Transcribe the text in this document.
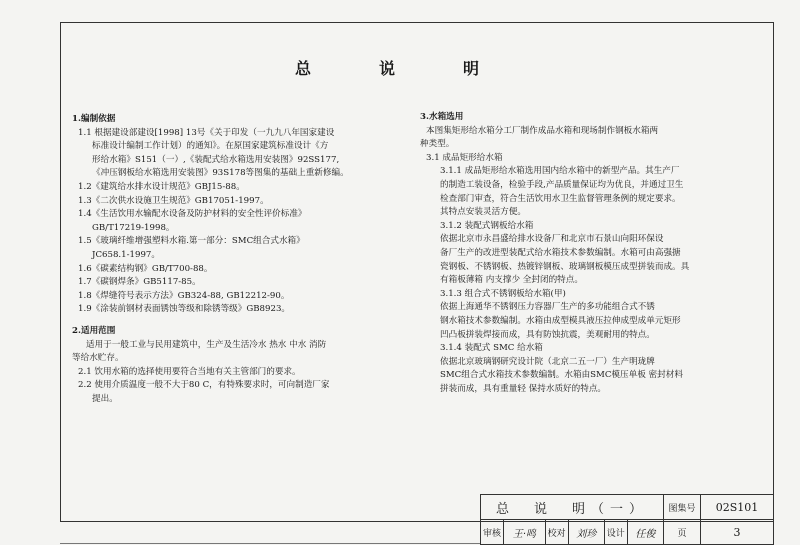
总　说　明

1.编制依据

1.1 根据建设部建设[1998] 13号《关于印发（一九九八年国家建设

标准设计编制工作计划）的通知》。在原国家建筑标准设计《方

形给水箱》S151（一）,《装配式给水箱选用安装图》92SS177,

《冲压钢板给水箱选用安装图》93S178等图集的基础上重新修编。

1.2《建筑给水排水设计规范》GBJ15-88。

1.3《二次供水设施卫生规范》GB17051-1997。

1.4《生活饮用水输配水设备及防护材料的安全性评价标准》

GB/T17219-1998。

1.5《玻璃纤维增强塑料水箱.第一部分：SMC组合式水箱》

JC658.1-1997。

1.6《碳素结构钢》GB/T700-88。

1.7《碳钢焊条》GB5117-85。

1.8《焊缝符号表示方法》GB324-88, GB12212-90。

1.9《涂装前钢材表面锈蚀等级和除锈等级》GB8923。

2.适用范围

适用于一般工业与民用建筑中，生产及生活冷水 热水 中水 消防

等给水贮存。

2.1 饮用水箱的选择使用要符合当地有关主管部门的要求。

2.2 使用介质温度一般不大于80 C，有特殊要求时，可向制造厂家

提出。

3.水箱选用

本图集矩形给水箱分工厂制作成品水箱和现场制作钢板水箱两

种类型。

3.1 成品矩形给水箱

3.1.1 成品矩形给水箱选用国内给水箱中的新型产品。其生产厂

的制造工装设备，检验手段,产品质量保证均为优良，并通过卫生

检查部门审查，符合生活饮用水卫生监督管理条例的规定要求。

其特点安装灵活方便。

3.1.2 装配式钢板给水箱

依据北京市永昌盛给排水设备厂和北京市石景山向阳环保设

备厂生产的改进型装配式给水箱技术参数编制。水箱可由高强搪

瓷钢板、不锈钢板、热镀锌钢板、玻璃钢板模压成型拼装而成。具

有箱板薄箱 内支撑少 全封闭的特点。

3.1.3 组合式不锈钢板给水箱(甲)

依据上海通华不锈钢压力容器厂生产的多功能组合式不锈

钢水箱技术参数编制。水箱由成型模具液压拉伸成型成单元矩形

凹凸板拼装焊接而成，具有防蚀抗震，美观耐用的特点。

3.1.4 装配式 SMC 给水箱

依据北京玻璃钢研究设计院（北京二五一厂）生产明珑牌

SMC组合式水箱技术参数编制。水箱由SMC模压单板 密封材料

拼装而成，具有重量轻 保持水质好的特点。

总　说　明（一）						图集号	02S101
审核	王·鸣	校对	刘珍	设计	任俊	页	3
